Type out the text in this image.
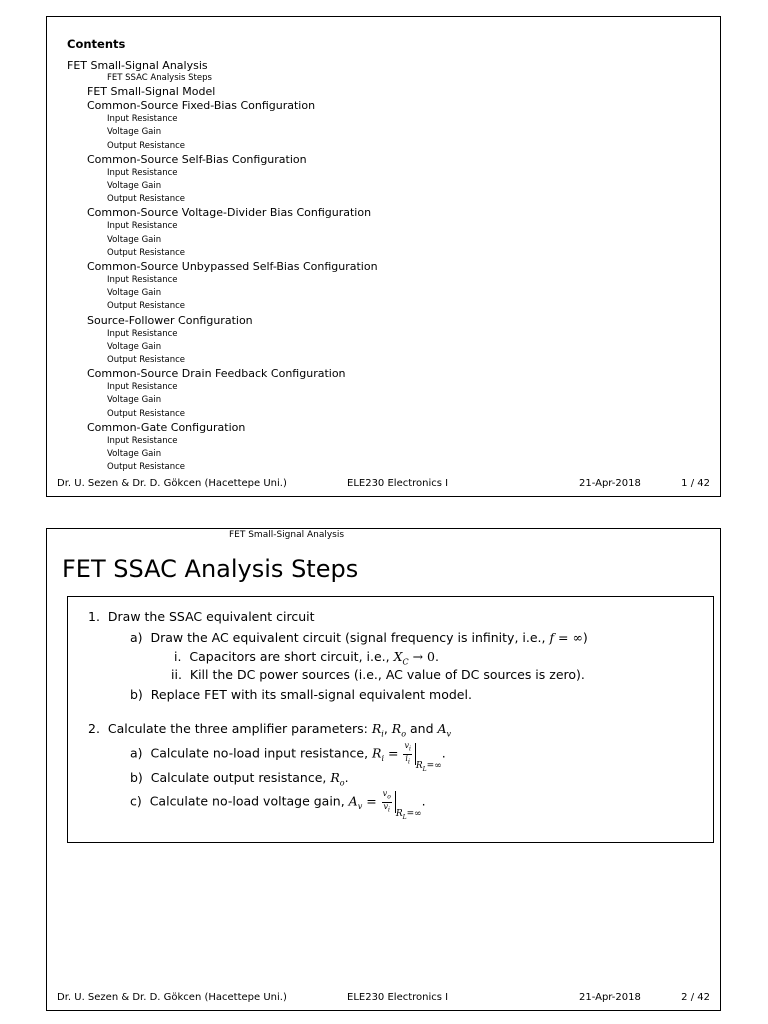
Contents
FET Small-Signal Analysis
FET SSAC Analysis Steps
FET Small-Signal Model
Common-Source Fixed-Bias Configuration
Input Resistance
Voltage Gain
Output Resistance
Common-Source Self-Bias Configuration
Input Resistance
Voltage Gain
Output Resistance
Common-Source Voltage-Divider Bias Configuration
Input Resistance
Voltage Gain
Output Resistance
Common-Source Unbypassed Self-Bias Configuration
Input Resistance
Voltage Gain
Output Resistance
Source-Follower Configuration
Input Resistance
Voltage Gain
Output Resistance
Common-Source Drain Feedback Configuration
Input Resistance
Voltage Gain
Output Resistance
Common-Gate Configuration
Input Resistance
Voltage Gain
Output Resistance
Dr. U. Sezen & Dr. D. Gökcen (Hacettepe Uni.)	ELE230 Electronics I	21-Apr-2018	1 / 42
FET Small-Signal Analysis
FET SSAC Analysis Steps
1. Draw the SSAC equivalent circuit
a) Draw the AC equivalent circuit (signal frequency is infinity, i.e., f = ∞)
i. Capacitors are short circuit, i.e., $X_C \to 0$.
ii. Kill the DC power sources (i.e., AC value of DC sources is zero).
b) Replace FET with its small-signal equivalent model.
2. Calculate the three amplifier parameters: $R_i$, $R_o$ and $A_v$
a) Calculate no-load input resistance, $R_i = \frac{v_i}{i_i} _{R_L=\infty}$.
b) Calculate output resistance, $R_o$.
c) Calculate no-load voltage gain, $A_v = \frac{v_o}{v_i} _{R_L=\infty}$.
Dr. U. Sezen & Dr. D. Gökcen (Hacettepe Uni.)	ELE230 Electronics I	21-Apr-2018	2 / 42
